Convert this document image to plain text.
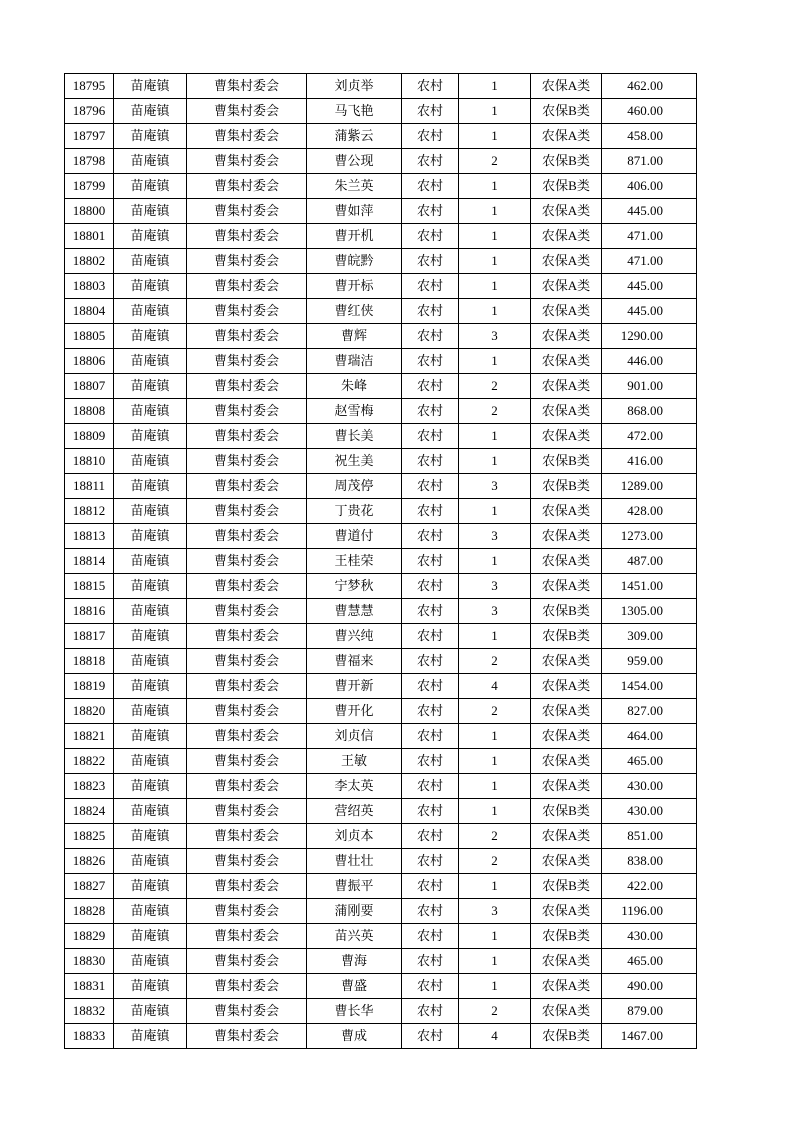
18795	苗庵镇	曹集村委会	刘贞举	农村	1	农保A类	462.00
18796	苗庵镇	曹集村委会	马飞艳	农村	1	农保B类	460.00
18797	苗庵镇	曹集村委会	蒲紫云	农村	1	农保A类	458.00
18798	苗庵镇	曹集村委会	曹公现	农村	2	农保B类	871.00
18799	苗庵镇	曹集村委会	朱兰英	农村	1	农保B类	406.00
18800	苗庵镇	曹集村委会	曹如萍	农村	1	农保A类	445.00
18801	苗庵镇	曹集村委会	曹开机	农村	1	农保A类	471.00
18802	苗庵镇	曹集村委会	曹皖黔	农村	1	农保A类	471.00
18803	苗庵镇	曹集村委会	曹开标	农村	1	农保A类	445.00
18804	苗庵镇	曹集村委会	曹红侠	农村	1	农保A类	445.00
18805	苗庵镇	曹集村委会	曹辉	农村	3	农保A类	1290.00
18806	苗庵镇	曹集村委会	曹瑞洁	农村	1	农保A类	446.00
18807	苗庵镇	曹集村委会	朱峰	农村	2	农保A类	901.00
18808	苗庵镇	曹集村委会	赵雪梅	农村	2	农保A类	868.00
18809	苗庵镇	曹集村委会	曹长美	农村	1	农保A类	472.00
18810	苗庵镇	曹集村委会	祝生美	农村	1	农保B类	416.00
18811	苗庵镇	曹集村委会	周茂停	农村	3	农保B类	1289.00
18812	苗庵镇	曹集村委会	丁贵花	农村	1	农保A类	428.00
18813	苗庵镇	曹集村委会	曹道付	农村	3	农保A类	1273.00
18814	苗庵镇	曹集村委会	王桂荣	农村	1	农保A类	487.00
18815	苗庵镇	曹集村委会	宁梦秋	农村	3	农保A类	1451.00
18816	苗庵镇	曹集村委会	曹慧慧	农村	3	农保B类	1305.00
18817	苗庵镇	曹集村委会	曹兴纯	农村	1	农保B类	309.00
18818	苗庵镇	曹集村委会	曹福来	农村	2	农保A类	959.00
18819	苗庵镇	曹集村委会	曹开新	农村	4	农保A类	1454.00
18820	苗庵镇	曹集村委会	曹开化	农村	2	农保A类	827.00
18821	苗庵镇	曹集村委会	刘贞信	农村	1	农保A类	464.00
18822	苗庵镇	曹集村委会	王敏	农村	1	农保A类	465.00
18823	苗庵镇	曹集村委会	李太英	农村	1	农保A类	430.00
18824	苗庵镇	曹集村委会	营绍英	农村	1	农保B类	430.00
18825	苗庵镇	曹集村委会	刘贞本	农村	2	农保A类	851.00
18826	苗庵镇	曹集村委会	曹壮壮	农村	2	农保A类	838.00
18827	苗庵镇	曹集村委会	曹振平	农村	1	农保B类	422.00
18828	苗庵镇	曹集村委会	蒲刚要	农村	3	农保A类	1196.00
18829	苗庵镇	曹集村委会	苗兴英	农村	1	农保B类	430.00
18830	苗庵镇	曹集村委会	曹海	农村	1	农保A类	465.00
18831	苗庵镇	曹集村委会	曹盛	农村	1	农保A类	490.00
18832	苗庵镇	曹集村委会	曹长华	农村	2	农保A类	879.00
18833	苗庵镇	曹集村委会	曹成	农村	4	农保B类	1467.00
